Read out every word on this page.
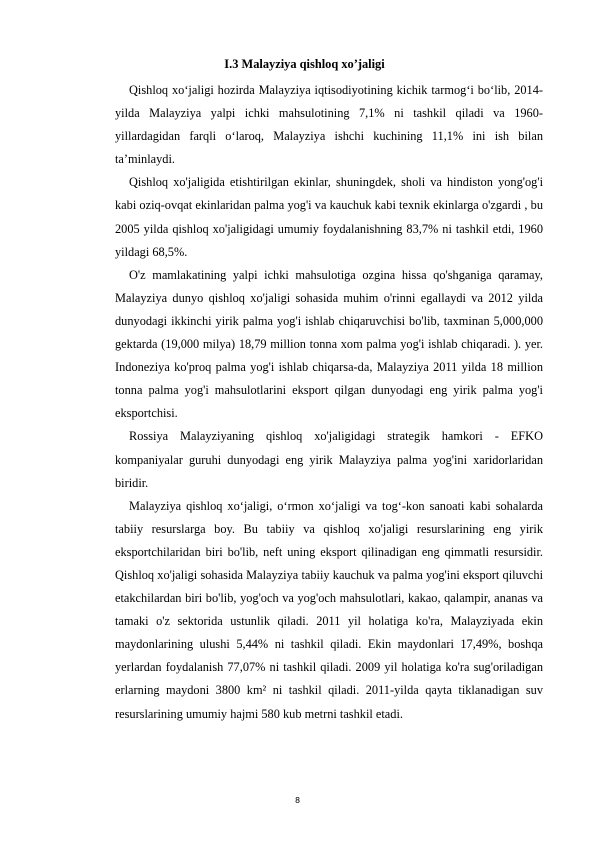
I.3 Malayziya qishloq xo’jaligi

Qishloq xo‘jaligi hozirda Malayziya iqtisodiyotining kichik tarmog‘i bo‘lib, 2014-yilda Malayziya yalpi ichki mahsulotining 7,1% ni tashkil qiladi va 1960-yillardagidan farqli o‘laroq, Malayziya ishchi kuchining 11,1% ini ish bilan ta’minlaydi.

Qishloq xo'jaligida etishtirilgan ekinlar, shuningdek, sholi va hindiston yong'og'i kabi oziq-ovqat ekinlaridan palma yog'i va kauchuk kabi texnik ekinlarga o'zgardi , bu 2005 yilda qishloq xo'jaligidagi umumiy foydalanishning 83,7% ni tashkil etdi, 1960 yildagi 68,5%.

O'z mamlakatining yalpi ichki mahsulotiga ozgina hissa qo'shganiga qaramay, Malayziya dunyo qishloq xo'jaligi sohasida muhim o'rinni egallaydi va 2012 yilda dunyodagi ikkinchi yirik palma yog'i ishlab chiqaruvchisi bo'lib, taxminan 5,000,000 gektarda (19,000 milya) 18,79 million tonna xom palma yog'i ishlab chiqaradi. ). yer. Indoneziya ko'proq palma yog'i ishlab chiqarsa-da, Malayziya 2011 yilda 18 million tonna palma yog'i mahsulotlarini eksport qilgan dunyodagi eng yirik palma yog'i eksportchisi.

Rossiya Malayziyaning qishloq xo'jaligidagi strategik hamkori - EFKO kompaniyalar guruhi dunyodagi eng yirik Malayziya palma yog'ini xaridorlaridan biridir.

Malayziya qishloq xo‘jaligi, o‘rmon xo‘jaligi va tog‘-kon sanoati kabi sohalarda tabiiy resurslarga boy. Bu tabiiy va qishloq xo'jaligi resurslarining eng yirik eksportchilaridan biri bo'lib, neft uning eksport qilinadigan eng qimmatli resursidir. Qishloq xo'jaligi sohasida Malayziya tabiiy kauchuk va palma yog'ini eksport qiluvchi etakchilardan biri bo'lib, yog'och va yog'och mahsulotlari, kakao, qalampir, ananas va tamaki o'z sektorida ustunlik qiladi. 2011 yil holatiga ko'ra, Malayziyada ekin maydonlarining ulushi 5,44% ni tashkil qiladi. Ekin maydonlari 17,49%, boshqa yerlardan foydalanish 77,07% ni tashkil qiladi. 2009 yil holatiga ko'ra sug'oriladigan erlarning maydoni 3800 km² ni tashkil qiladi. 2011-yilda qayta tiklanadigan suv resurslarining umumiy hajmi 580 kub metrni tashkil etadi.

8
